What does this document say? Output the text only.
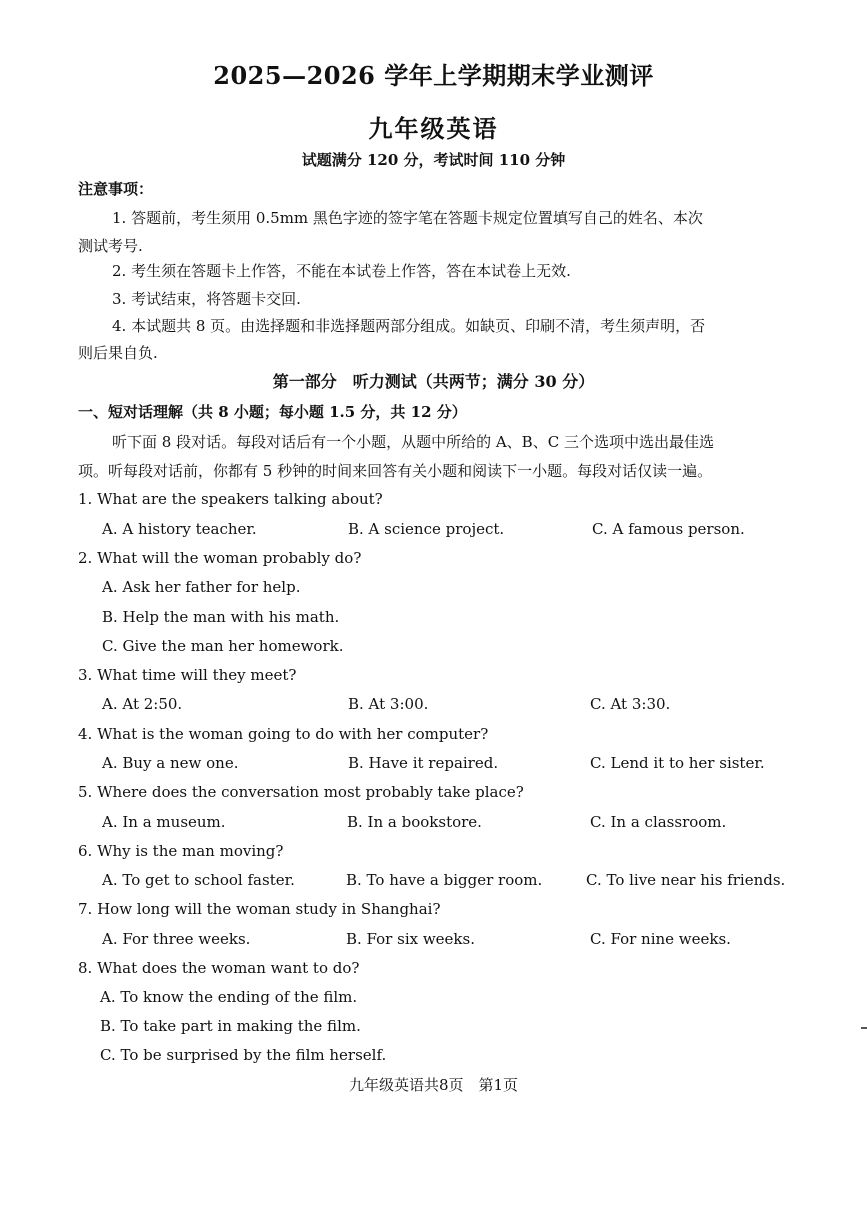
2025—2026 学年上学期期末学业测评
九年级英语
试题满分 120 分，考试时间 110 分钟
注意事项：
1. 答题前，考生须用 0.5mm 黑色字迹的签字笔在答题卡规定位置填写自己的姓名、本次
测试考号.
2. 考生须在答题卡上作答，不能在本试卷上作答，答在本试卷上无效.
3. 考试结束，将答题卡交回.
4. 本试题共 8 页。由选择题和非选择题两部分组成。如缺页、印刷不清，考生须声明，否
则后果自负.
第一部分　听力测试（共两节；满分 30 分）
一、短对话理解（共 8 小题；每小题 1.5 分，共 12 分）
听下面 8 段对话。每段对话后有一个小题，从题中所给的 A、B、C 三个选项中选出最佳选
项。听每段对话前，你都有 5 秒钟的时间来回答有关小题和阅读下一小题。每段对话仅读一遍。
1. What are the speakers talking about?
A. A history teacher.	B. A science project.	C. A famous person.
2. What will the woman probably do?
A. Ask her father for help.
B. Help the man with his math.
C. Give the man her homework.
3. What time will they meet?
A. At 2:50.	B. At 3:00.	C. At 3:30.
4. What is the woman going to do with her computer?
A. Buy a new one.	B. Have it repaired.	C. Lend it to her sister.
5. Where does the conversation most probably take place?
A. In a museum.	B. In a bookstore.	C. In a classroom.
6. Why is the man moving?
A. To get to school faster.	B. To have a bigger room.	C. To live near his friends.
7. How long will the woman study in Shanghai?
A. For three weeks.	B. For six weeks.	C. For nine weeks.
8. What does the woman want to do?
A. To know the ending of the film.
B. To take part in making the film.
C. To be surprised by the film herself.
九年级英语共8页　第1页
